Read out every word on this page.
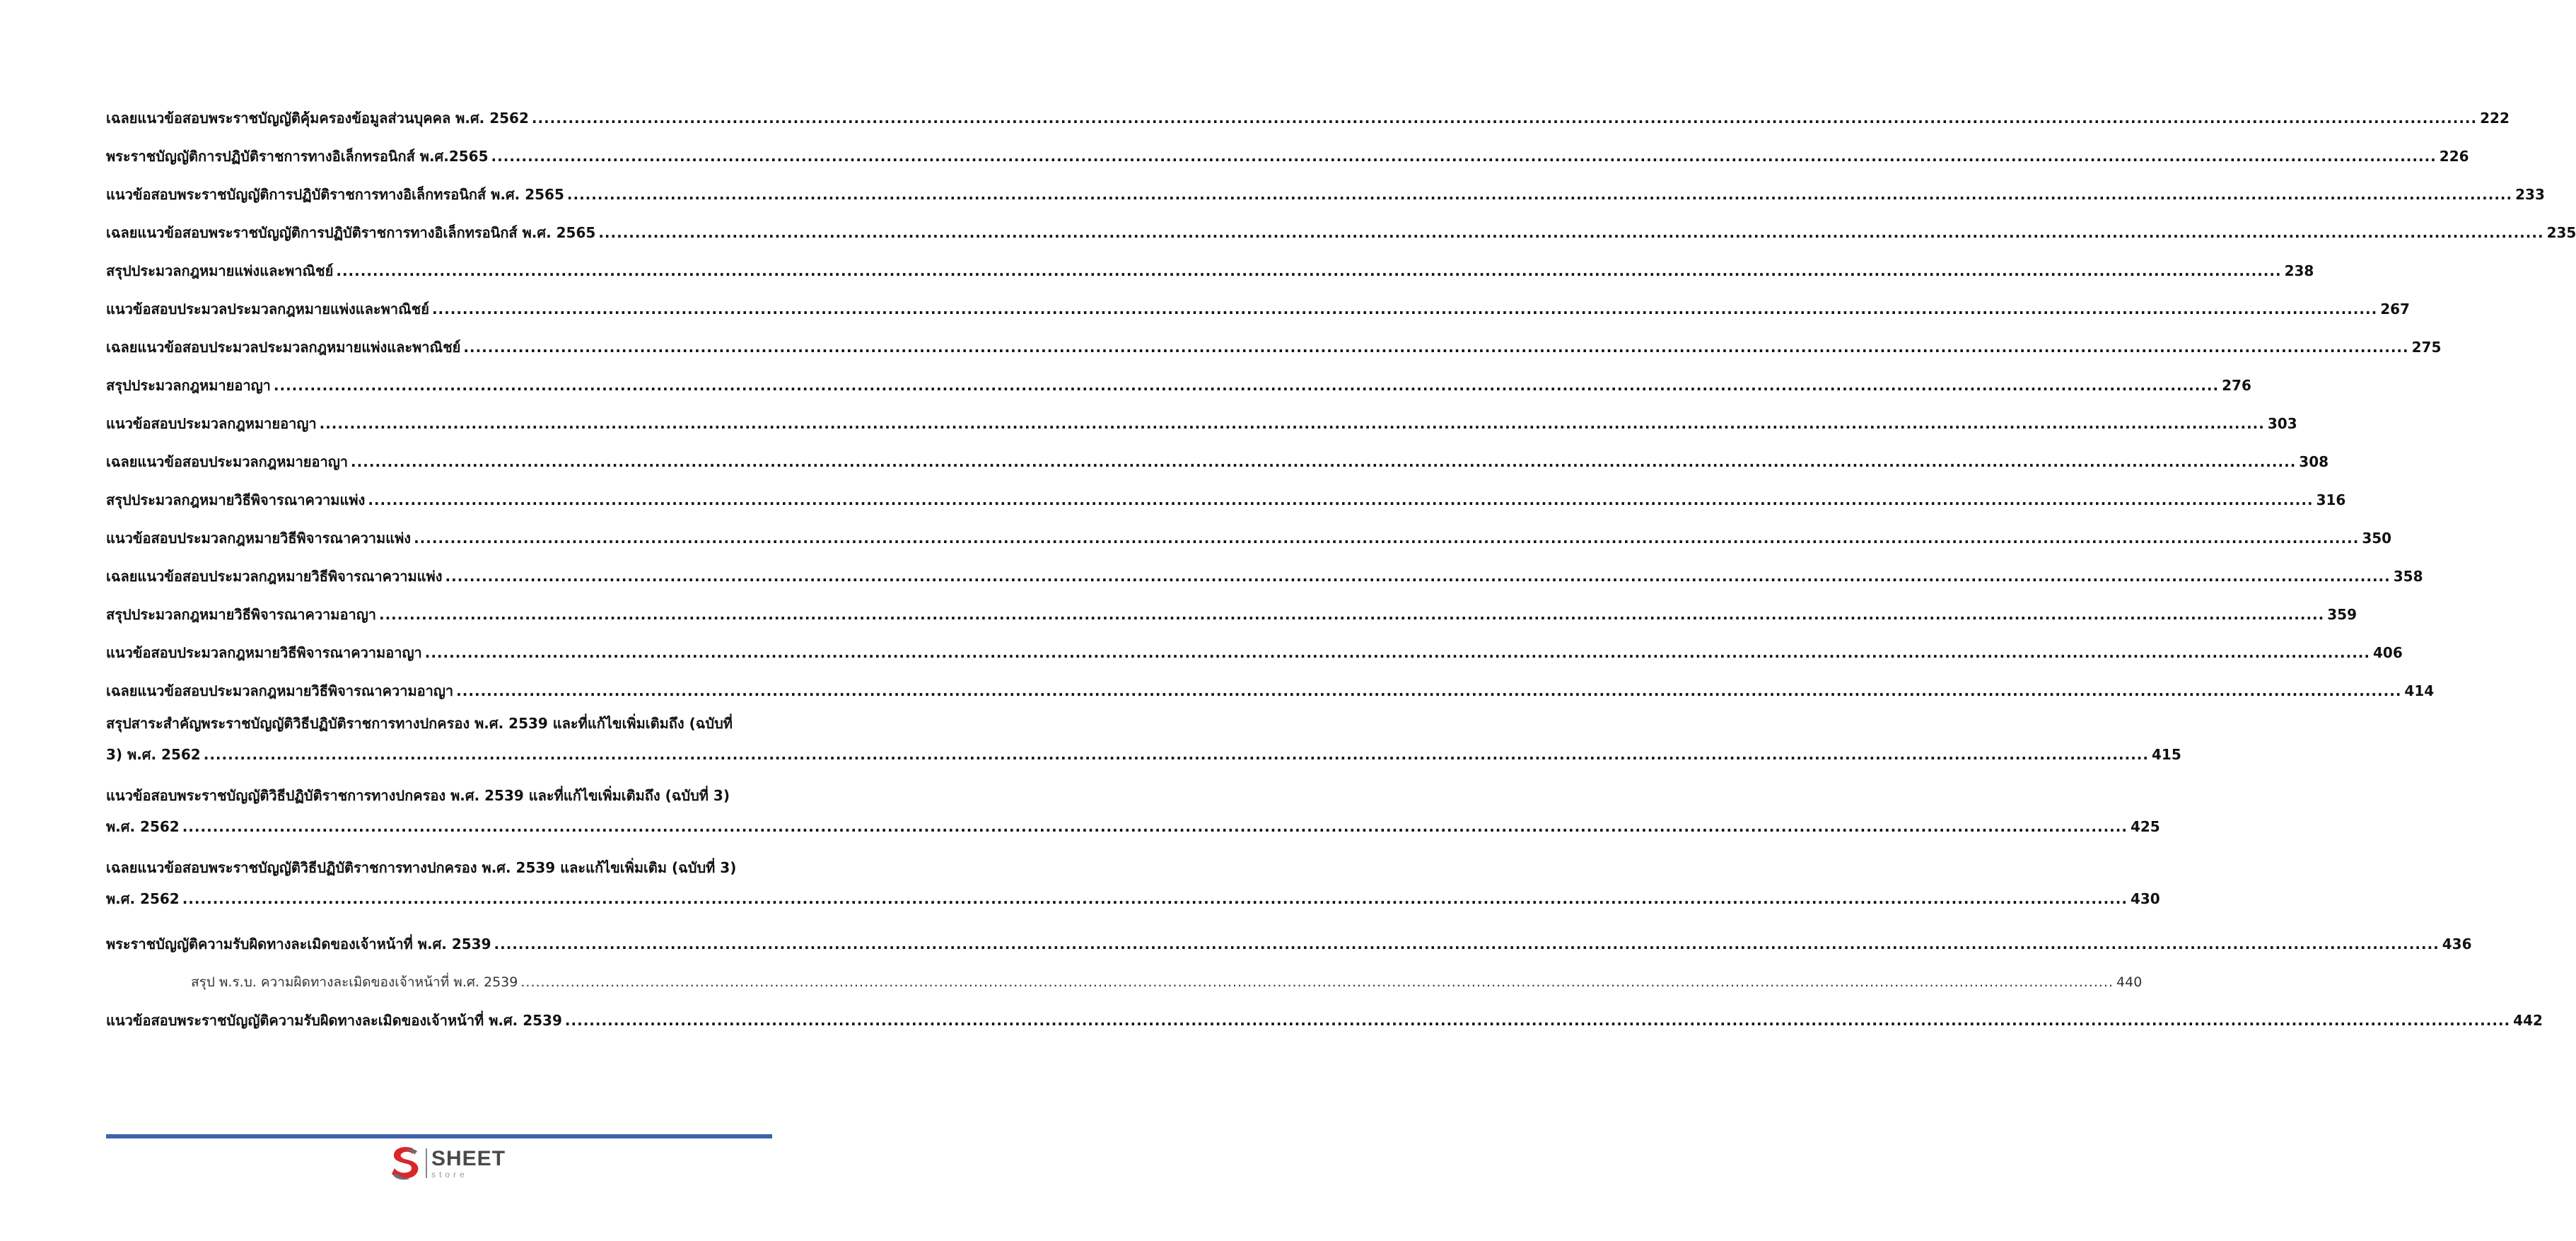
เฉลยแนวข้อสอบพระราชบัญญัติคุ้มครองข้อมูลส่วนบุคคล พ.ศ. 2562 .....	222
พระราชบัญญัติการปฏิบัติราชการทางอิเล็กทรอนิกส์ พ.ศ.2565 .....	226
แนวข้อสอบพระราชบัญญัติการปฏิบัติราชการทางอิเล็กทรอนิกส์ พ.ศ. 2565 .....	233
เฉลยแนวข้อสอบพระราชบัญญัติการปฏิบัติราชการทางอิเล็กทรอนิกส์ พ.ศ. 2565 .....	235
สรุปประมวลกฎหมายแพ่งและพาณิชย์ .....	238
แนวข้อสอบประมวลประมวลกฎหมายแพ่งและพาณิชย์ .....	267
เฉลยแนวข้อสอบประมวลประมวลกฎหมายแพ่งและพาณิชย์ .....	275
สรุปประมวลกฎหมายอาญา .....	276
แนวข้อสอบประมวลกฎหมายอาญา .....	303
เฉลยแนวข้อสอบประมวลกฎหมายอาญา .....	308
สรุปประมวลกฎหมายวิธีพิจารณาความแพ่ง .....	316
แนวข้อสอบประมวลกฎหมายวิธีพิจารณาความแพ่ง .....	350
เฉลยแนวข้อสอบประมวลกฎหมายวิธีพิจารณาความแพ่ง .....	358
สรุปประมวลกฎหมายวิธีพิจารณาความอาญา .....	359
แนวข้อสอบประมวลกฎหมายวิธีพิจารณาความอาญา .....	406
เฉลยแนวข้อสอบประมวลกฎหมายวิธีพิจารณาความอาญา .....	414
สรุปสาระสำคัญพระราชบัญญัติวิธีปฏิบัติราชการทางปกครอง พ.ศ. 2539 และที่แก้ไขเพิ่มเติมถึง (ฉบับที่
3) พ.ศ. 2562 .....	415
แนวข้อสอบพระราชบัญญัติวิธีปฏิบัติราชการทางปกครอง พ.ศ. 2539 และที่แก้ไขเพิ่มเติมถึง (ฉบับที่ 3)
พ.ศ. 2562 .....	425
เฉลยแนวข้อสอบพระราชบัญญัติวิธีปฏิบัติราชการทางปกครอง พ.ศ. 2539 และแก้ไขเพิ่มเติม (ฉบับที่ 3)
พ.ศ. 2562 .....	430
พระราชบัญญัติความรับผิดทางละเมิดของเจ้าหน้าที่ พ.ศ. 2539 .....	436
สรุป พ.ร.บ. ความผิดทางละเมิดของเจ้าหน้าที่ พ.ศ. 2539 .....	440
แนวข้อสอบพระราชบัญญัติความรับผิดทางละเมิดของเจ้าหน้าที่ พ.ศ. 2539 .....	442
SHEET
store
